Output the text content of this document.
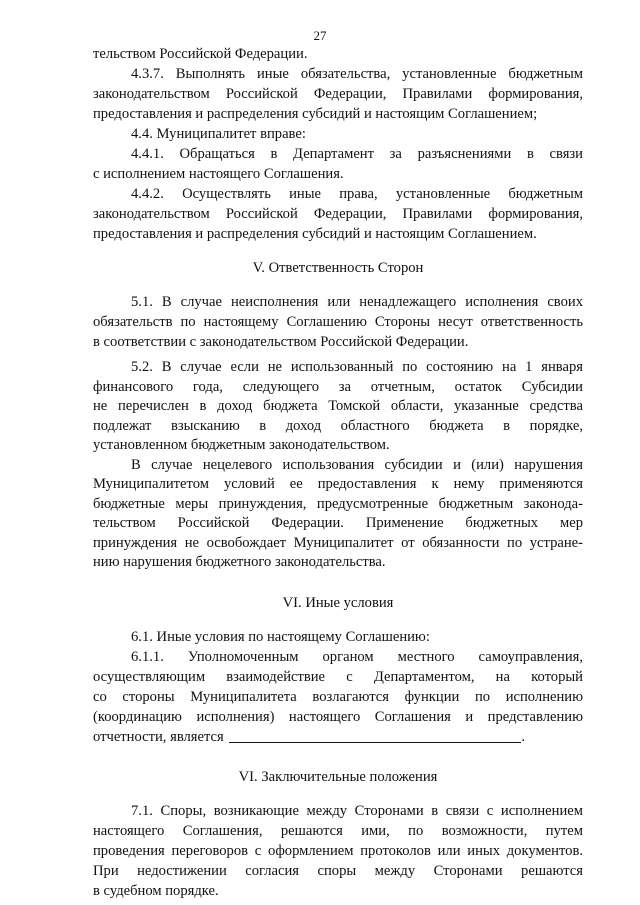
27
тельством Российской Федерации.
4.3.7. Выполнять иные обязательства, установленные бюджетным
законодательством Российской Федерации, Правилами формирования,
предоставления и распределения субсидий и настоящим Соглашением;
4.4. Муниципалитет вправе:
4.4.1. Обращаться в Департамент за разъяснениями в связи
с исполнением настоящего Соглашения.
4.4.2. Осуществлять иные права, установленные бюджетным
законодательством Российской Федерации, Правилами формирования,
предоставления и распределения субсидий и настоящим Соглашением.
V. Ответственность Сторон
5.1. В случае неисполнения или ненадлежащего исполнения своих
обязательств по настоящему Соглашению Стороны несут ответственность
в соответствии с законодательством Российской Федерации.
5.2. В случае если не использованный по состоянию на 1 января
финансового года, следующего за отчетным, остаток Субсидии
не перечислен в доход бюджета Томской области, указанные средства
подлежат взысканию в доход областного бюджета в порядке,
установленном бюджетным законодательством.
В случае нецелевого использования субсидии и (или) нарушения
Муниципалитетом условий ее предоставления к нему применяются
бюджетные меры принуждения, предусмотренные бюджетным законода-
тельством Российской Федерации. Применение бюджетных мер
принуждения не освобождает Муниципалитет от обязанности по устране-
нию нарушения бюджетного законодательства.
VI. Иные условия
6.1. Иные условия по настоящему Соглашению:
6.1.1. Уполномоченным органом местного самоуправления,
осуществляющим взаимодействие с Департаментом, на который
со стороны Муниципалитета возлагаются функции по исполнению
(координацию исполнения) настоящего Соглашения и представлению
отчетности, является	.
VI. Заключительные положения
7.1. Споры, возникающие между Сторонами в связи с исполнением
настоящего Соглашения, решаются ими, по возможности, путем
проведения переговоров с оформлением протоколов или иных документов.
При недостижении согласия споры между Сторонами решаются
в судебном порядке.
